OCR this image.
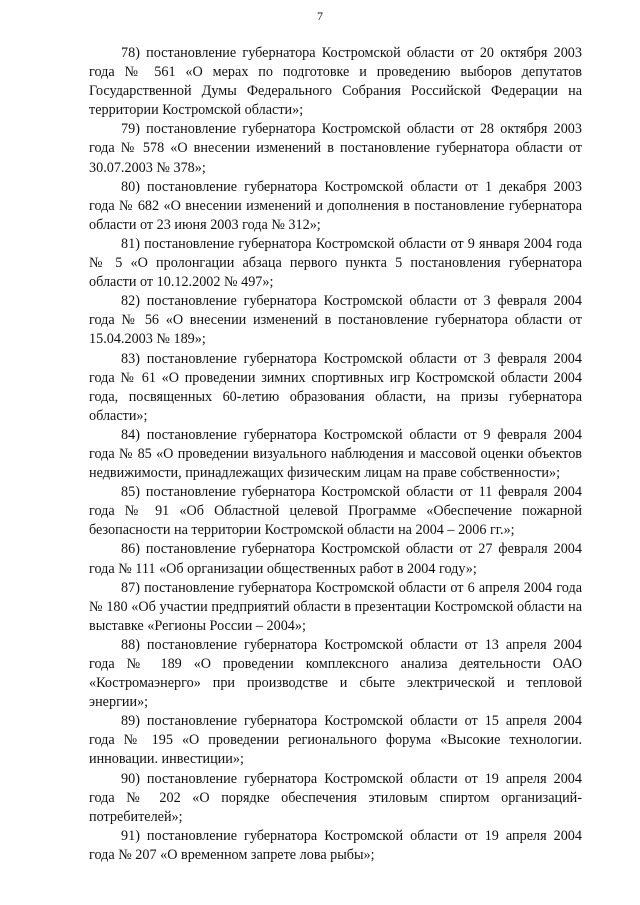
7

78) постановление губернатора Костромской области от 20 октября 2003 года № 561 «О мерах по подготовке и проведению выборов депутатов Государственной Думы Федерального Собрания Российской Федерации на территории Костромской области»;

79) постановление губернатора Костромской области от 28 октября 2003 года № 578 «О внесении изменений в постановление губернатора области от 30.07.2003 № 378»;

80) постановление губернатора Костромской области от 1 декабря 2003 года № 682 «О внесении изменений и дополнения в постановление губернатора области от 23 июня 2003 года № 312»;

81) постановление губернатора Костромской области от 9 января 2004 года № 5 «О пролонгации абзаца первого пункта 5 постановления губернатора области от 10.12.2002 № 497»;

82) постановление губернатора Костромской области от 3 февраля 2004 года № 56 «О внесении изменений в постановление губернатора области от 15.04.2003 № 189»;

83) постановление губернатора Костромской области от 3 февраля 2004 года № 61 «О проведении зимних спортивных игр Костромской области 2004 года, посвященных 60-летию образования области, на призы губернатора области»;

84) постановление губернатора Костромской области от 9 февраля 2004 года № 85 «О проведении визуального наблюдения и массовой оценки объектов недвижимости, принадлежащих физическим лицам на праве собственности»;

85) постановление губернатора Костромской области от 11 февраля 2004 года № 91 «Об Областной целевой Программе «Обеспечение пожарной безопасности на территории Костромской области на 2004 – 2006 гг.»;

86) постановление губернатора Костромской области от 27 февраля 2004 года № 111 «Об организации общественных работ в 2004 году»;

87) постановление губернатора Костромской области от 6 апреля 2004 года № 180 «Об участии предприятий области в презентации Костромской области на выставке «Регионы России – 2004»;

88) постановление губернатора Костромской области от 13 апреля 2004 года № 189 «О проведении комплексного анализа деятельности ОАО «Костромаэнерго» при производстве и сбыте электрической и тепловой энергии»;

89) постановление губернатора Костромской области от 15 апреля 2004 года № 195 «О проведении регионального форума «Высокие технологии. инновации. инвестиции»;

90) постановление губернатора Костромской области от 19 апреля 2004 года № 202 «О порядке обеспечения этиловым спиртом организаций-потребителей»;

91) постановление губернатора Костромской области от 19 апреля 2004 года № 207 «О временном запрете лова рыбы»;
